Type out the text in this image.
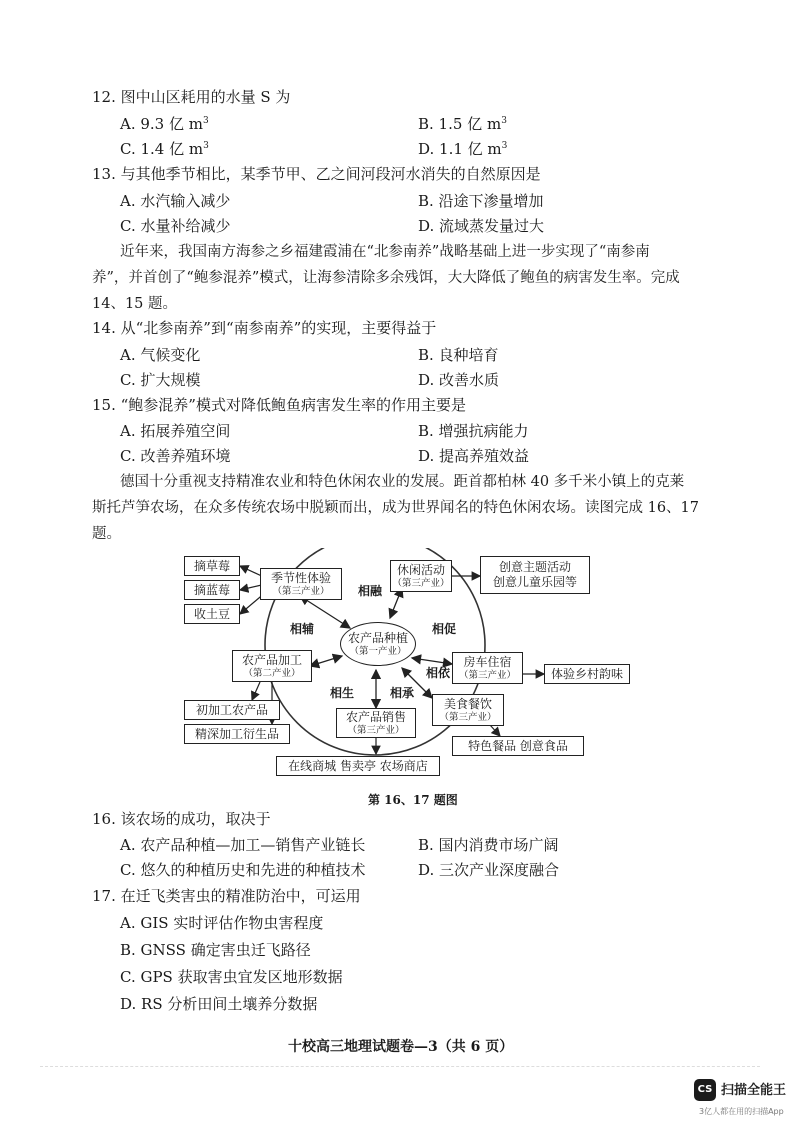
12. 图中山区耗用的水量 S 为
A. 9.3 亿 $m^3$	B. 1.5 亿 $m^3$
C. 1.4 亿 $m^3$	D. 1.1 亿 $m^3$
13. 与其他季节相比，某季节甲、乙之间河段河水消失的自然原因是
A. 水汽输入减少	B. 沿途下渗量增加
C. 水量补给减少	D. 流域蒸发量过大
近年来，我国南方海参之乡福建霞浦在“北参南养”战略基础上进一步实现了“南参南
养”，并首创了“鲍参混养”模式，让海参清除多余残饵，大大降低了鲍鱼的病害发生率。完成
14、15 题。
14. 从“北参南养”到“南参南养”的实现，主要得益于
A. 气候变化	B. 良种培育
C. 扩大规模	D. 改善水质
15. “鲍参混养”模式对降低鲍鱼病害发生率的作用主要是
A. 拓展养殖空间	B. 增强抗病能力
C. 改善养殖环境	D. 提高养殖效益
德国十分重视支持精准农业和特色休闲农业的发展。距首都柏林 40 多千米小镇上的克莱
斯托芦笋农场，在众多传统农场中脱颖而出，成为世界闻名的特色休闲农场。读图完成 16、17
题。
摘草莓
摘蓝莓
收土豆
季节性体验
（第三产业）
休闲活动
（第三产业）
创意主题活动
创意儿童乐园等
农产品种植
（第一产业）
农产品加工
（第二产业）
房车住宿
（第三产业）	体验乡村韵味
初加工农产品
精深加工衍生品
美食餐饮
（第三产业）
农产品销售
（第三产业）
特色餐品 创意食品
在线商城 售卖亭 农场商店
相融
相辅	相促
相依
相生	相承
第 16、17 题图
16. 该农场的成功，取决于
A. 农产品种植—加工—销售产业链长	B. 国内消费市场广阔
C. 悠久的种植历史和先进的种植技术	D. 三次产业深度融合
17. 在迁飞类害虫的精准防治中，可运用
A. GIS 实时评估作物虫害程度
B. GNSS 确定害虫迁飞路径
C. GPS 获取害虫宜发区地形数据
D. RS 分析田间土壤养分数据
十校高三地理试题卷—3（共 6 页）
CS 扫描全能王
3亿人都在用的扫描App
